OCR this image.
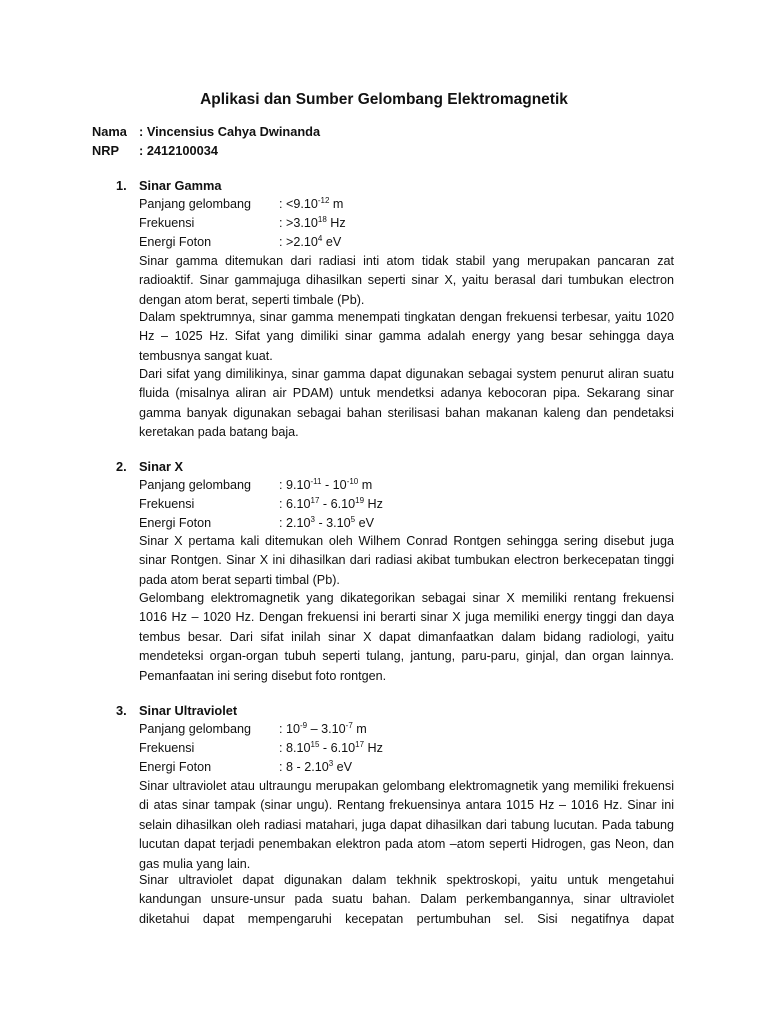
Aplikasi dan Sumber Gelombang Elektromagnetik
Nama : Vincensius Cahya Dwinanda
NRP : 2412100034
1. Sinar Gamma
Panjang gelombang : $<9.10^{-12}$ m
Frekuensi	: $>3.10^{18}$ Hz
Energi Foton	: $>2.10^4$ eV

Sinar gamma ditemukan dari radiasi inti atom tidak stabil yang merupakan pancaran zat radioaktif. Sinar gammajuga dihasilkan seperti sinar X, yaitu berasal dari tumbukan electron dengan atom berat, seperti timbale (Pb).

Dalam spektrumnya, sinar gamma menempati tingkatan dengan frekuensi terbesar, yaitu 1020 Hz – 1025 Hz. Sifat yang dimiliki sinar gamma adalah energy yang besar sehingga daya tembusnya sangat kuat.

Dari sifat yang dimilikinya, sinar gamma dapat digunakan sebagai system penurut aliran suatu fluida (misalnya aliran air PDAM) untuk mendetksi adanya kebocoran pipa. Sekarang sinar gamma banyak digunakan sebagai bahan sterilisasi bahan makanan kaleng dan pendetaksi keretakan pada batang baja.

2. Sinar X
Panjang gelombang : $9.10^{-11} - 10^{-10}$ m
Frekuensi	: 6.10$^{17}$ - 6.10$^{19}$ Hz
Energi Foton	: 2.10$^3$ - 3.10$^5$ eV

Sinar X pertama kali ditemukan oleh Wilhem Conrad Rontgen sehingga sering disebut juga sinar Rontgen. Sinar X ini dihasilkan dari radiasi akibat tumbukan electron berkecepatan tinggi pada atom berat separti timbal (Pb).

Gelombang elektromagnetik yang dikategorikan sebagai sinar X memiliki rentang frekuensi 1016 Hz – 1020 Hz. Dengan frekuensi ini berarti sinar X juga memiliki energy tinggi dan daya tembus besar. Dari sifat inilah sinar X dapat dimanfaatkan dalam bidang radiologi, yaitu mendeteksi organ-organ tubuh seperti tulang, jantung, paru-paru, ginjal, dan organ lainnya. Pemanfaatan ini sering disebut foto rontgen.

3. Sinar Ultraviolet
Panjang gelombang : $10^{-9} - 3.10^{-7}$ m
Frekuensi	: 8.10$^{15}$ - 6.10$^{17}$ Hz
Energi Foton	: 8 - 2.10$^3$ eV

Sinar ultraviolet atau ultraungu merupakan gelombang elektromagnetik yang memiliki frekuensi di atas sinar tampak (sinar ungu). Rentang frekuensinya antara 1015 Hz – 1016 Hz. Sinar ini selain dihasilkan oleh radiasi matahari, juga dapat dihasilkan dari tabung lucutan. Pada tabung lucutan dapat terjadi penembakan elektron pada atom –atom seperti Hidrogen, gas Neon, dan gas mulia yang lain.

Sinar ultraviolet dapat digunakan dalam tekhnik spektroskopi, yaitu untuk mengetahui kandungan unsure-unsur pada suatu bahan. Dalam perkembangannya, sinar ultraviolet diketahui dapat mempengaruhi kecepatan pertumbuhan sel. Sisi negatifnya dapat
